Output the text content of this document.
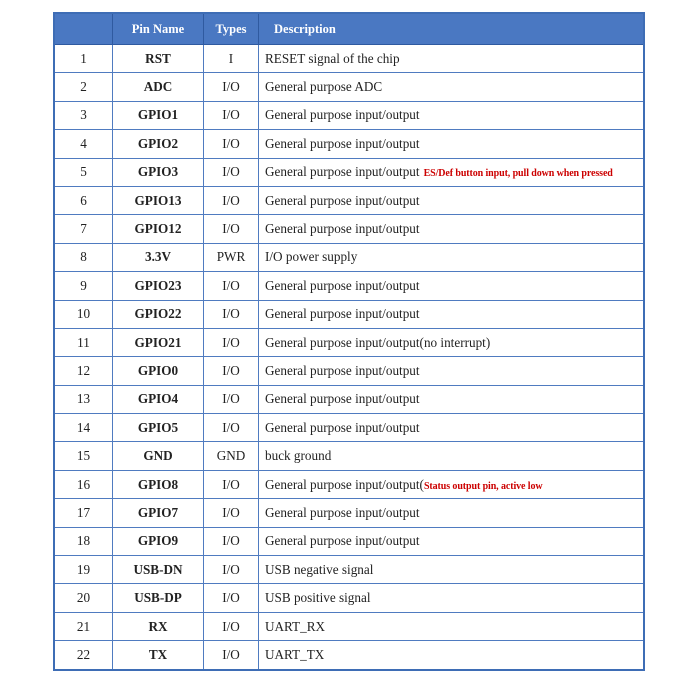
	Pin Name	Types	Description
1	RST	I	RESET signal of the chip
2	ADC	I/O	General purpose ADC
3	GPIO1	I/O	General purpose input/output
4	GPIO2	I/O	General purpose input/output
5	GPIO3	I/O	General purpose input/output ES/Def button input, pull down when pressed
6	GPIO13	I/O	General purpose input/output
7	GPIO12	I/O	General purpose input/output
8	3.3V	PWR	I/O power supply
9	GPIO23	I/O	General purpose input/output
10	GPIO22	I/O	General purpose input/output
11	GPIO21	I/O	General purpose input/output(no interrupt)
12	GPIO0	I/O	General purpose input/output
13	GPIO4	I/O	General purpose input/output
14	GPIO5	I/O	General purpose input/output
15	GND	GND	buck ground
16	GPIO8	I/O	General purpose input/output(Status output pin, active low
17	GPIO7	I/O	General purpose input/output
18	GPIO9	I/O	General purpose input/output
19	USB-DN	I/O	USB negative signal
20	USB-DP	I/O	USB positive signal
21	RX	I/O	UART_RX
22	TX	I/O	UART_TX
